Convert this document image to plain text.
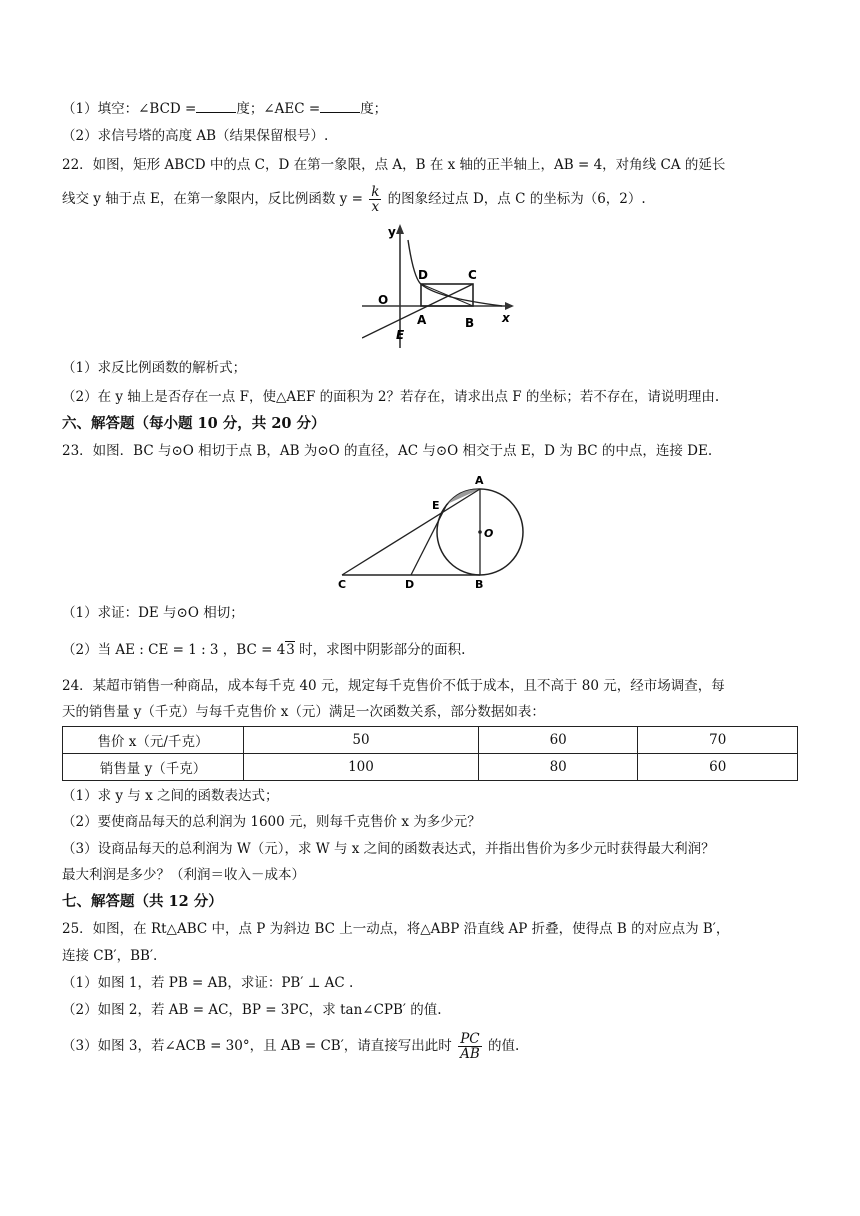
（1）填空：∠BCD =	度；∠AEC =	度；
（2）求信号塔的高度 AB（结果保留根号）.
22．如图，矩形 ABCD 中的点 C，D 在第一象限，点 A，B 在 x 轴的正半轴上，AB = 4，对角线 CA 的延长
线交 y 轴于点 E，在第一象限内，反比例函数 $y = \frac{k}{x}$ 的图象经过点 D，点 C 的坐标为（6，2）.
y
x
O
D	C
A	B
E
（1）求反比例函数的解析式；
（2）在 y 轴上是否存在一点 F，使△AEF 的面积为 2？若存在，请求出点 F 的坐标；若不存在，请说明理由.
六、解答题（每小题 10 分，共 20 分）
23．如图．BC 与⊙O 相切于点 B，AB 为⊙O 的直径，AC 与⊙O 相交于点 E，D 为 BC 的中点，连接 DE.
A
E
O
C	D	B
（1）求证：DE 与⊙O 相切；
（2）当 AE : CE = 1 : 3 ，BC = 43 时，求图中阴影部分的面积.
24．某超市销售一种商品，成本每千克 40 元，规定每千克售价不低于成本，且不高于 80 元，经市场调查，每
天的销售量 y（千克）与每千克售价 x（元）满足一次函数关系，部分数据如表：
售价 x（元/千克）	50	60	70
销售量 y（千克）	100	80	60
（1）求 y 与 x 之间的函数表达式；
（2）要使商品每天的总利润为 1600 元，则每千克售价 x 为多少元？
（3）设商品每天的总利润为 W（元），求 W 与 x 之间的函数表达式，并指出售价为多少元时获得最大利润？
最大利润是多少？（利润＝收入－成本）
七、解答题（共 12 分）
25．如图，在 Rt△ABC 中，点 P 为斜边 BC 上一动点，将△ABP 沿直线 AP 折叠，使得点 B 的对应点为 B′，
连接 CB′，BB′.
（1）如图 1，若 PB = AB，求证：PB′ ⊥ AC .
（2）如图 2，若 AB = AC，BP = 3PC，求 tan∠CPB′ 的值.
（3）如图 3，若∠ACB = 30°，且 AB = CB′，请直接写出此时 $\frac{PC}{AB}$ 的值.
